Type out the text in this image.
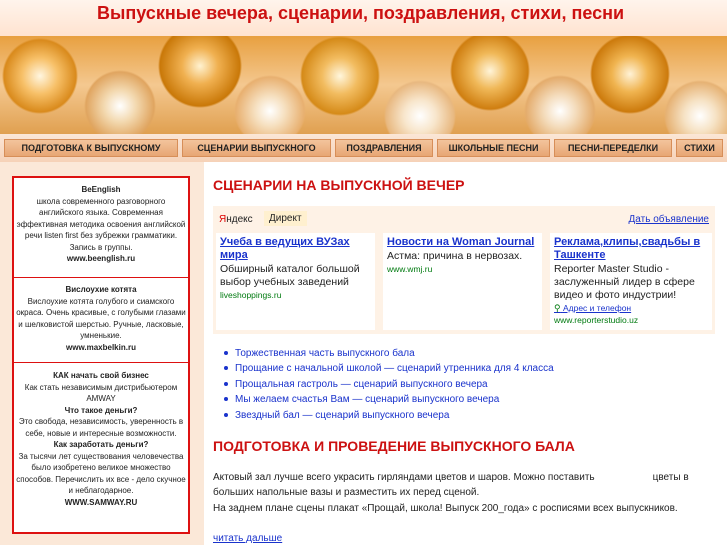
Выпускные вечера, сценарии, поздравления, стихи, песни
ПОДГОТОВКА К ВЫПУСКНОМУ	СЦЕНАРИИ ВЫПУСКНОГО	ПОЗДРАВЛЕНИЯ	ШКОЛЬНЫЕ ПЕСНИ	ПЕСНИ-ПЕРЕДЕЛКИ	СТИХИ
BeEnglish
школа современного разговорного английского языка. Современная эффективная методика освоения английской речи listen first без зубрежки грамматики. Запись в группы.
www.beenglish.ru
Вислоухие котята
Вислоухие котята голубого и сиамского окраса. Очень красивые, с голубыми глазами и шелковистой шерстью. Ручные, ласковые, умненькие.
www.maxbelkin.ru
КАК начать свой бизнес
Как стать независимым дистрибьютером AMWAY
Что такое деньги?
Это свобода, независимость, уверенность в себе, новые и интересные возможности.
Как заработать деньги?
За тысячи лет существования человечества было изобретено великое множество способов. Перечислить их все - дело скучное и неблагодарное.
WWW.SAMWAY.RU
СЦЕНАРИИ НА ВЫПУСКНОЙ ВЕЧЕР
Яндекс	Директ	Дать объявление
Учеба в ведущих ВУЗах мира
Обширный каталог большой выбор учебных заведений
liveshoppings.ru
Новости на Woman Journal
Астма: причина в нервозах.
www.wmj.ru
Реклама,клипы,свадьбы в Ташкенте
Reporter Master Studio - заслуженный лидер в сфере видео и фото индустрии!
⚲ Адрес и телефон
www.reporterstudio.uz
Торжественная часть выпускного бала
Прощание с начальной школой — сценарий утренника для 4 класса
Прощальная гастроль — сценарий выпускного вечера
Мы желаем счастья Вам — сценарий выпускного вечера
Звездный бал — сценарий выпускного вечера
ПОДГОТОВКА И ПРОВЕДЕНИЕ ВЫПУСКНОГО БАЛА
Актовый зал лучше всего украсить гирляндами цветов и шаров. Можно поставить	цветы в больших напольные вазы и разместить их перед сценой.
На заднем плане сцены плакат «Прощай, школа! Выпуск 200_года» с росписями всех выпускников.
читать дальше
